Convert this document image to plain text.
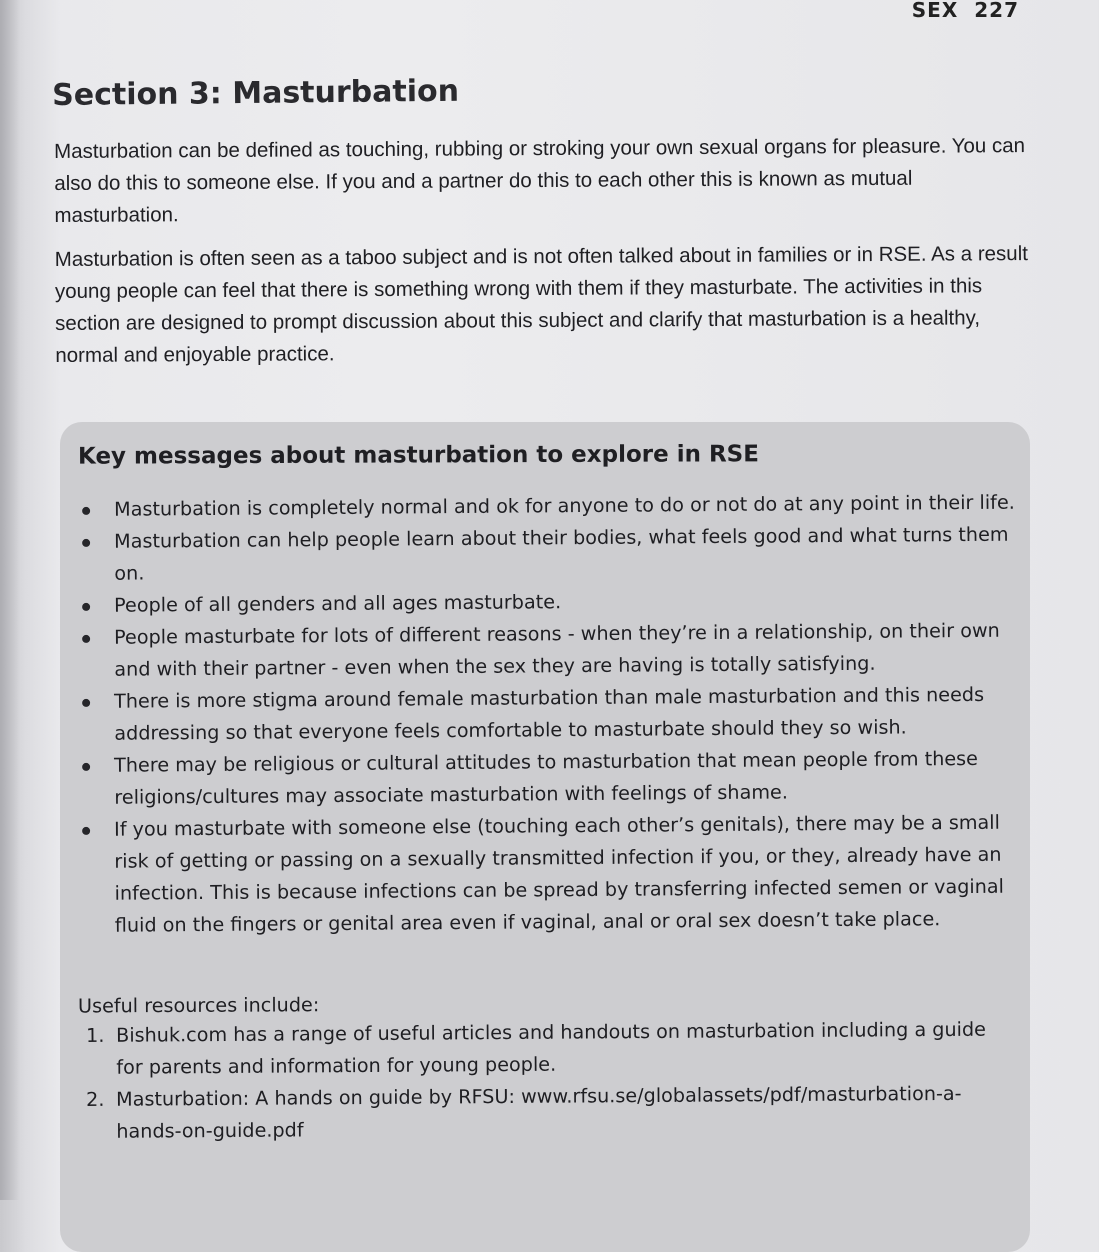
SEX 227
Section 3: Masturbation

Masturbation can be defined as touching, rubbing or stroking your own sexual organs for pleasure. You can also do this to someone else. If you and a partner do this to each other this is known as mutual masturbation.

Masturbation is often seen as a taboo subject and is not often talked about in families or in RSE. As a result young people can feel that there is something wrong with them if they masturbate. The activities in this section are designed to prompt discussion about this subject and clarify that masturbation is a healthy, normal and enjoyable practice.

Key messages about masturbation to explore in RSE
Masturbation is completely normal and ok for anyone to do or not do at any point in their life.
Masturbation can help people learn about their bodies, what feels good and what turns them on.
People of all genders and all ages masturbate.
People masturbate for lots of different reasons - when they’re in a relationship, on their own and with their partner - even when the sex they are having is totally satisfying.
There is more stigma around female masturbation than male masturbation and this needs addressing so that everyone feels comfortable to masturbate should they so wish.
There may be religious or cultural attitudes to masturbation that mean people from these religions/cultures may associate masturbation with feelings of shame.
If you masturbate with someone else (touching each other’s genitals), there may be a small risk of getting or passing on a sexually transmitted infection if you, or they, already have an infection. This is because infections can be spread by transferring infected semen or vaginal fluid on the fingers or genital area even if vaginal, anal or oral sex doesn’t take place.

Useful resources include:

1. Bishuk.com has a range of useful articles and handouts on masturbation including a guide for parents and information for young people.
2. Masturbation: A hands on guide by RFSU: www.rfsu.se/globalassets/pdf/masturbation-a-hands-on-guide.pdf
